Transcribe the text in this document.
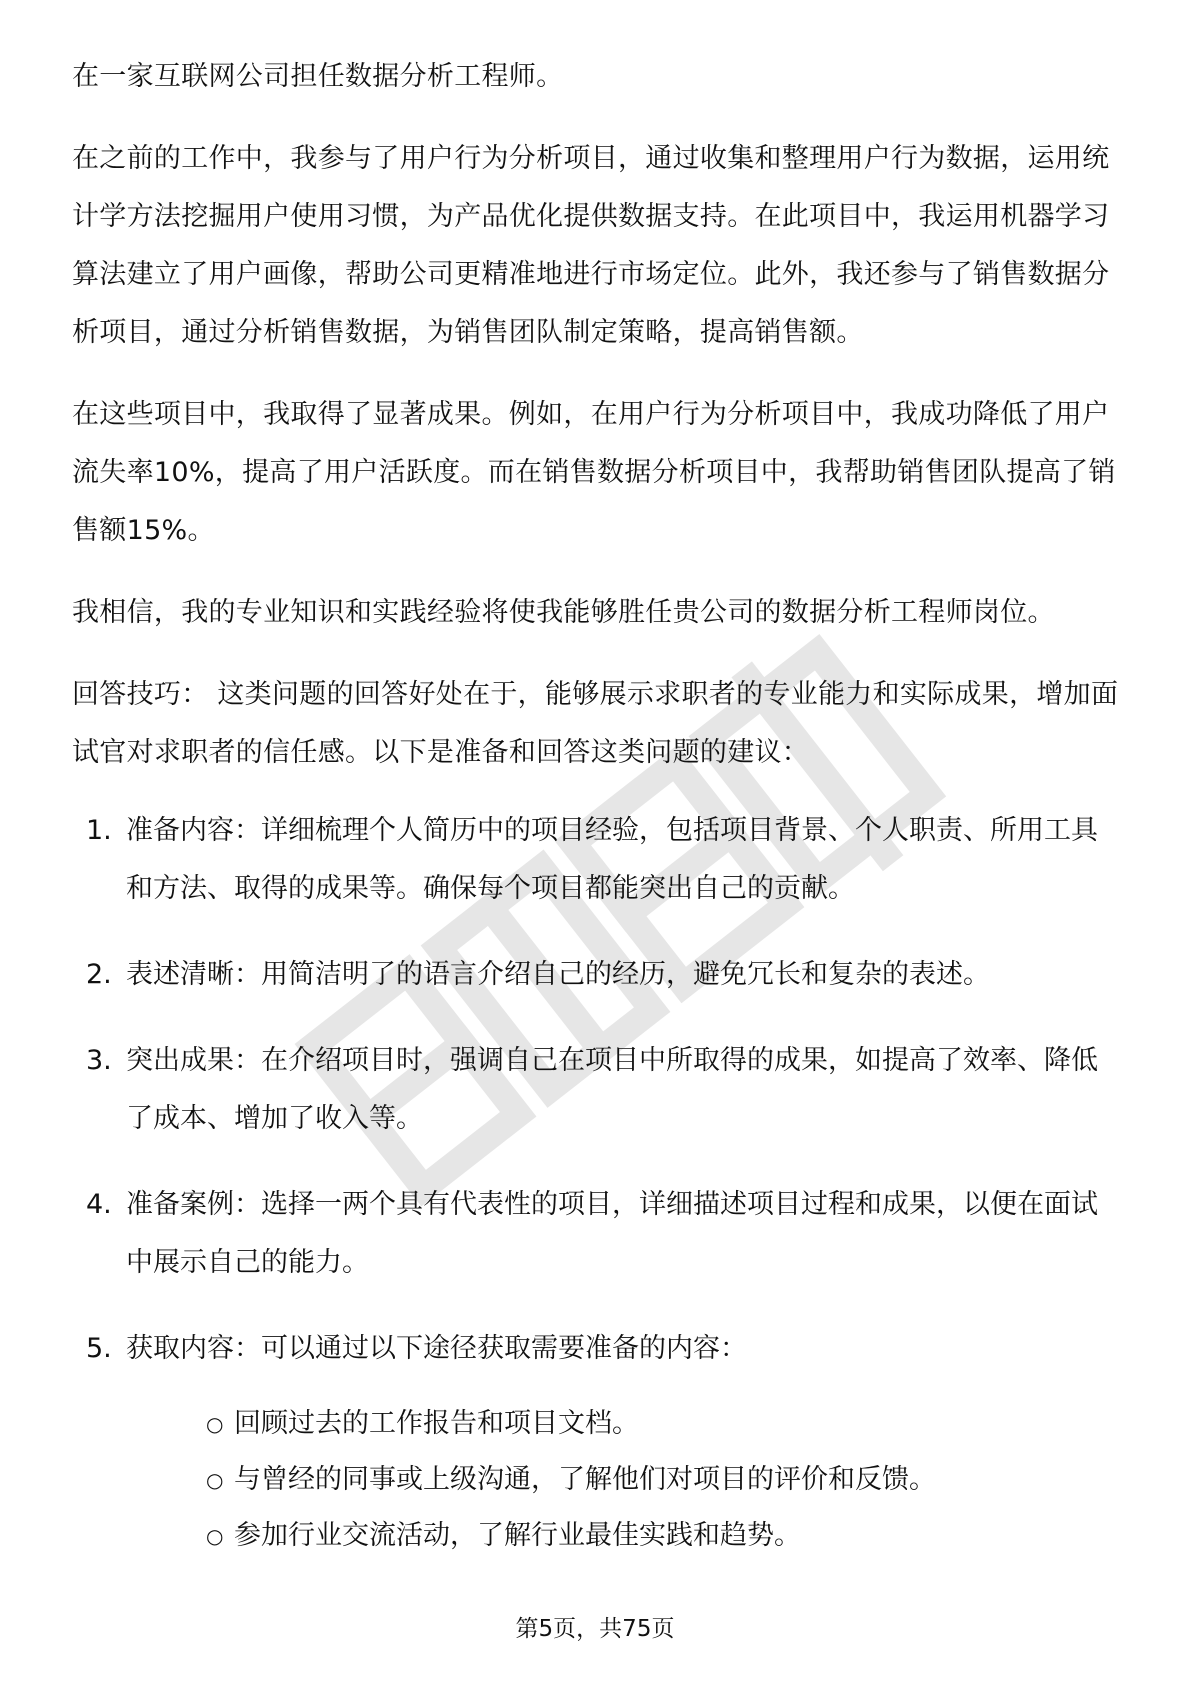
在一家互联网公司担任数据分析工程师。

在之前的工作中，我参与了用户行为分析项目，通过收集和整理用户行为数据，运用统计学方法挖掘用户使用习惯，为产品优化提供数据支持。在此项目中，我运用机器学习算法建立了用户画像，帮助公司更精准地进行市场定位。此外，我还参与了销售数据分析项目，通过分析销售数据，为销售团队制定策略，提高销售额。

在这些项目中，我取得了显著成果。例如，在用户行为分析项目中，我成功降低了用户流失率10%，提高了用户活跃度。而在销售数据分析项目中，我帮助销售团队提高了销售额15%。

我相信，我的专业知识和实践经验将使我能够胜任贵公司的数据分析工程师岗位。

回答技巧： 这类问题的回答好处在于，能够展示求职者的专业能力和实际成果，增加面试官对求职者的信任感。以下是准备和回答这类问题的建议：

1. 准备内容：详细梳理个人简历中的项目经验，包括项目背景、个人职责、所用工具和方法、取得的成果等。确保每个项目都能突出自己的贡献。
2. 表述清晰：用简洁明了的语言介绍自己的经历，避免冗长和复杂的表述。
3. 突出成果：在介绍项目时，强调自己在项目中所取得的成果，如提高了效率、降低了成本、增加了收入等。
4. 准备案例：选择一两个具有代表性的项目，详细描述项目过程和成果，以便在面试中展示自己的能力。
5. 获取内容：可以通过以下途径获取需要准备的内容：
○ 回顾过去的工作报告和项目文档。
○ 与曾经的同事或上级沟通，了解他们对项目的评价和反馈。
○ 参加行业交流活动，了解行业最佳实践和趋势。
第5页，共75页
